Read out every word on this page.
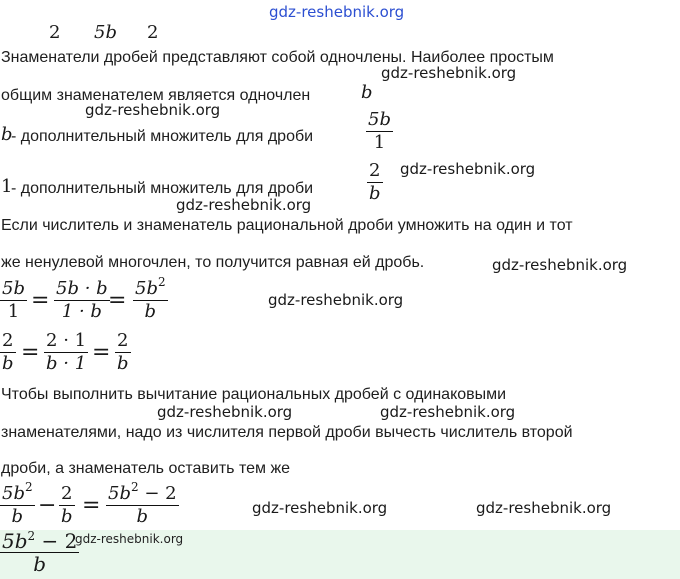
2 5b 2
gdz-reshebnik.org
Знаменатели дробей представляют собой одночлены. Наиболее простым
gdz-reshebnik.org
общим знаменателем является одночлен	b
gdz-reshebnik.org
b
- дополнительный множитель для дроби
5b
1
1
- дополнительный множитель для дроби
2
b
gdz-reshebnik.org
gdz-reshebnik.org
Если числитель и знаменатель рациональной дроби умножить на один и тот
же ненулевой многочлен, то получится равная ей дробь.	gdz-reshebnik.org
5b
1 = 5b · b
$1 \cdot b = 5b^2$
b
gdz-reshebnik.org
2
b = 2 · 1
b · 1 = 2
b
Чтобы выполнить вычитание рациональных дробей с одинаковыми
gdz-reshebnik.org	gdz-reshebnik.org
знаменателями, надо из числителя первой дроби вычесть числитель второй
дроби, а знаменатель оставить тем же
$5b^2$
b − 2
$b = 5b^2 - 2$
b	gdz-reshebnik.org	gdz-reshebnik.org
$5b^2 - 2$
b
gdz-reshebnik.org
